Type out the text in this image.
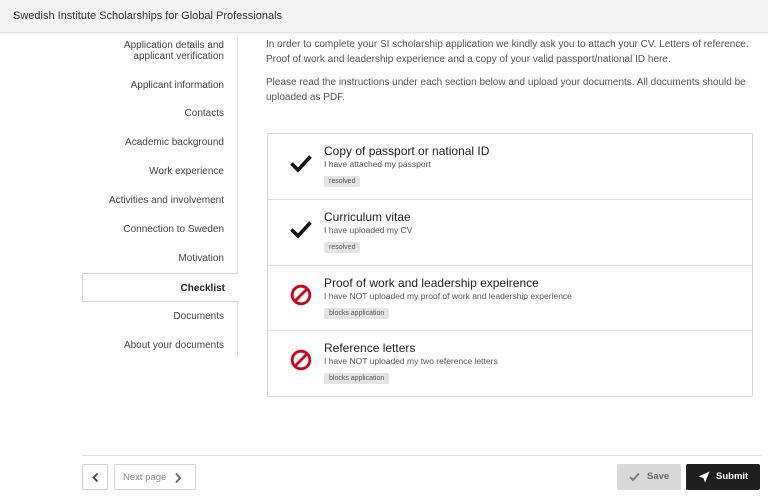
Swedish Institute Scholarships for Global Professionals
Application details and
applicant verification
Applicant information
Contacts
Academic background
Work experience
Activities and involvement
Connection to Sweden
Motivation
Checklist
Documents
About your documents

In order to complete your SI scholarship application we kindly ask you to attach your CV. Letters of reference. Proof of work and leadership experience and a copy of your valid passport/national ID here.

Please read the instructions under each section below and upload your documents. All documents should be uploaded as PDF.

Copy of passport or national ID
I have attached my passport
resolved
Curriculum vitae
I have uploaded my CV
resolved
Proof of work and leadership expeirence
I have NOT uploaded my proof of work and leadership experience
blocks application
Reference letters
I have NOT uploaded my two reference letters
blocks application
Next page	Save	Submit
